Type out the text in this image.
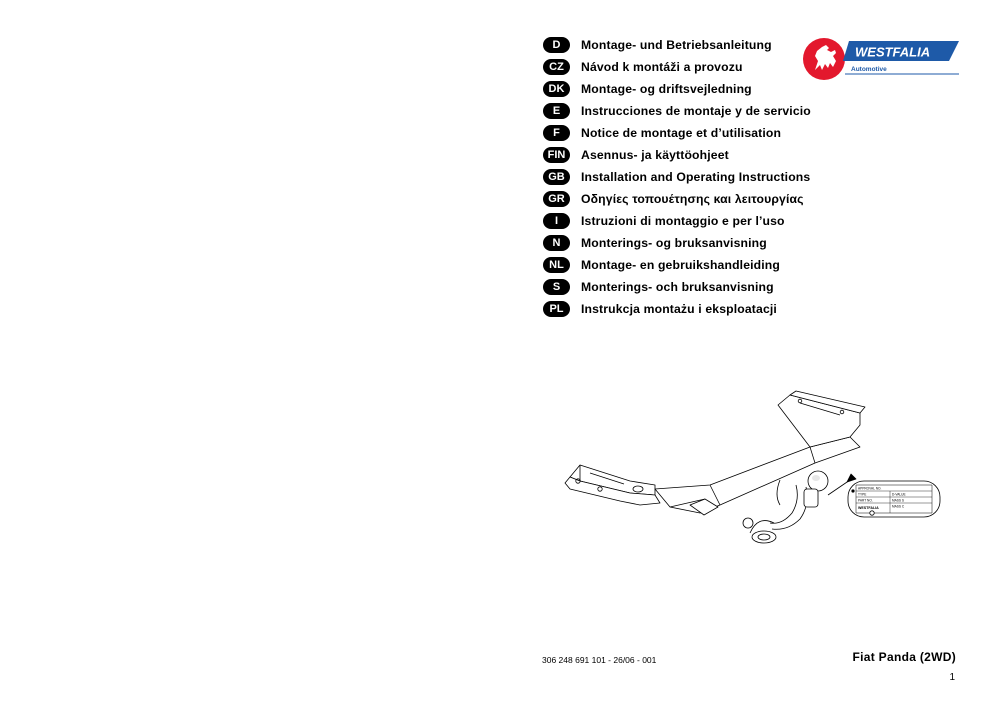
D	Montage- und Betriebsanleitung
CZ	Návod k montáži a provozu
DK	Montage- og driftsvejledning
E	Instrucciones de montaje y de servicio
F	Notice de montage et d’utilisation
FIN	Asennus- ja käyttöohjeet
GB	Installation and Operating Instructions
GR	Οδηγίες τοπουέτησης και λειτουργίας
I	Istruzioni di montaggio e per l’uso
N	Monterings- og bruksanvisning
NL	Montage- en gebruikshandleiding
S	Monterings- och bruksanvisning
PL	Instrukcja montażu i eksploatacji
WESTFALIA
Automotive
APPROVAL NO.
TYPE
PART NO.
D-VALUE
MASS S
MASS C
WESTFALIA
306 248 691 101 - 26/06 - 001	Fiat Panda (2WD)
1
